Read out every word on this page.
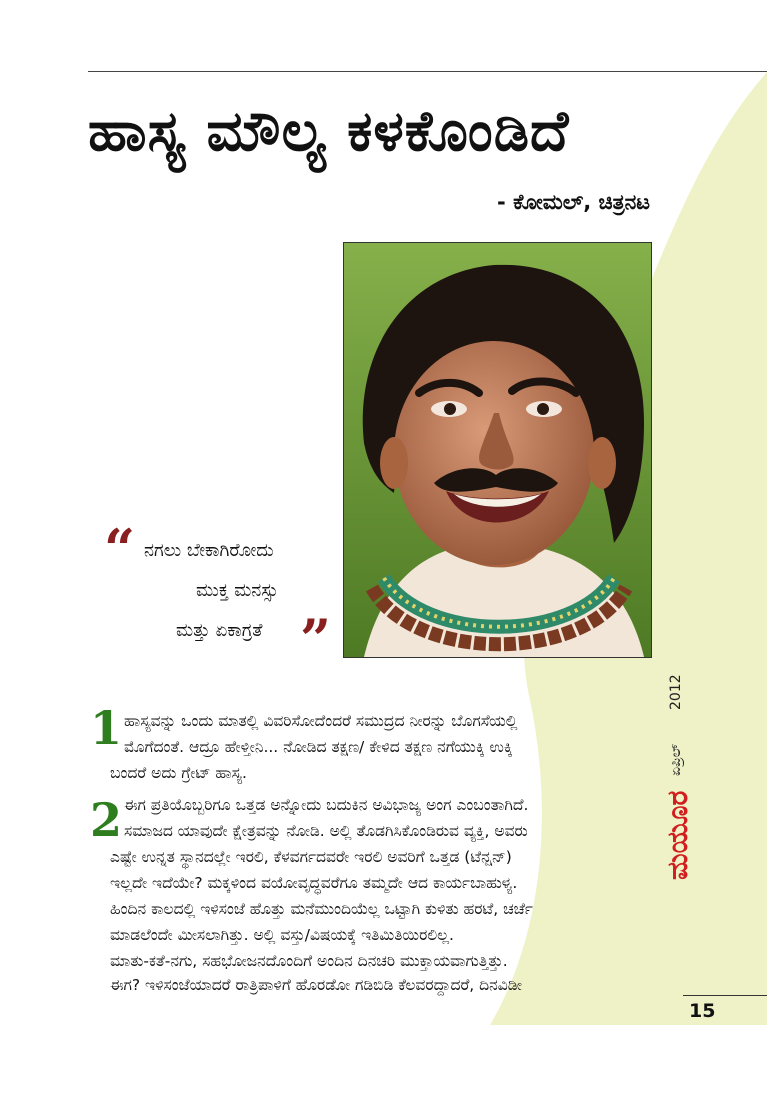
ಹಾಸ್ಯ ಮೌಲ್ಯ ಕಳಕೊಂಡಿದೆ
- ಕೋಮಲ್, ಚಿತ್ರನಟ
“ ನಗಲು ಬೇಕಾಗಿರೋದು
ಮುಕ್ತ ಮನಸ್ಸು
ಮತ್ತು ಏಕಾಗ್ರತೆ ”
1 ಹಾಸ್ಯವನ್ನು ಒಂದು ಮಾತಲ್ಲಿ ವಿವರಿಸೋದೆಂದರೆ ಸಮುದ್ರದ ನೀರನ್ನು ಬೊಗಸೆಯಲ್ಲಿ
ಮೊಗೆದಂತೆ. ಆದ್ರೂ ಹೇಳ್ತೀನಿ... ನೋಡಿದ ತಕ್ಷಣ/ ಕೇಳಿದ ತಕ್ಷಣ ನಗೆಯುಕ್ಕಿ ಉಕ್ಕಿ
ಬಂದರೆ ಅದು ಗ್ರೇಟ್ ಹಾಸ್ಯ.
2 ಈಗ ಪ್ರತಿಯೊಬ್ಬರಿಗೂ ಒತ್ತಡ ಅನ್ನೋದು ಬದುಕಿನ ಅವಿಭಾಜ್ಯ ಅಂಗ ಎಂಬಂತಾಗಿದೆ.
ಸಮಾಜದ ಯಾವುದೇ ಕ್ಷೇತ್ರವನ್ನು ನೋಡಿ. ಅಲ್ಲಿ ತೊಡಗಿಸಿಕೊಂಡಿರುವ ವ್ಯಕ್ತಿ, ಅವರು
ಎಷ್ಟೇ ಉನ್ನತ ಸ್ಥಾನದಲ್ಲೇ ಇರಲಿ, ಕೆಳವರ್ಗದವರೇ ಇರಲಿ ಅವರಿಗೆ ಒತ್ತಡ (ಟೆನ್ಷನ್)
ಇಲ್ಲದೇ ಇದೆಯೇ? ಮಕ್ಕಳಿಂದ ವಯೋವೃದ್ಧವರೆಗೂ ತಮ್ಮದೇ ಆದ ಕಾರ್ಯಬಾಹುಳ್ಯ.
ಹಿಂದಿನ ಕಾಲದಲ್ಲಿ ಇಳಿಸಂಜೆ ಹೊತ್ತು ಮನೆಮುಂದಿಯೆಲ್ಲ ಒಟ್ಟಾಗಿ ಕುಳಿತು ಹರಟೆ, ಚರ್ಚೆ
ಮಾಡಲೆಂದೇ ಮೀಸಲಾಗಿತ್ತು. ಅಲ್ಲಿ ವಸ್ತು/ವಿಷಯಕ್ಕೆ ಇತಿಮಿತಿಯಿರಲಿಲ್ಲ.
ಮಾತು-ಕತೆ-ನಗು, ಸಹಭೋಜನದೊಂದಿಗೆ ಅಂದಿನ ದಿನಚರಿ ಮುಕ್ತಾಯವಾಗುತ್ತಿತ್ತು.
ಈಗ? ಇಳಿಸಂಜೆಯಾದರೆ ರಾತ್ರಿಪಾಳಿಗೆ ಹೊರಡೋ ಗಡಿಬಿಡಿ ಕೆಲವರದ್ದಾದರೆ, ದಿನವಿಡೀ
ಮಯೂರ
ಏಪ್ರಿಲ್
2012
15
